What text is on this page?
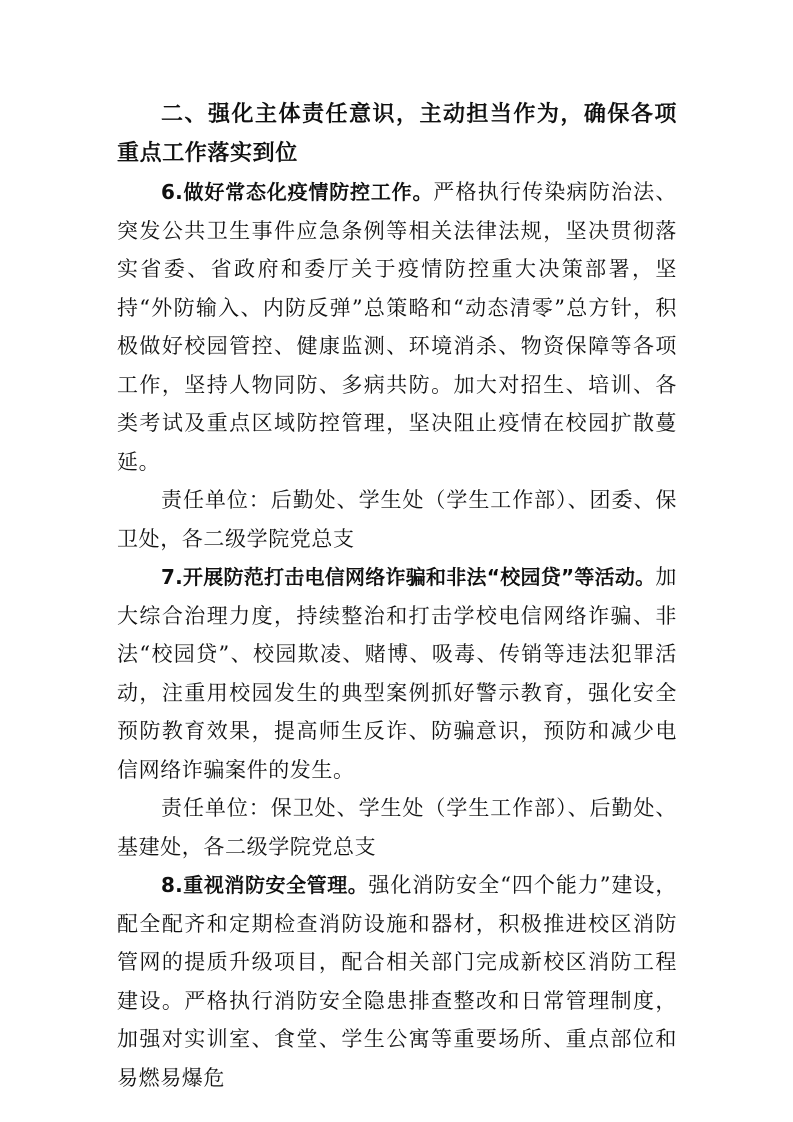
二、强化主体责任意识，主动担当作为，确保各项重点工作落实到位

6.做好常态化疫情防控工作。严格执行传染病防治法、突发公共卫生事件应急条例等相关法律法规，坚决贯彻落实省委、省政府和委厅关于疫情防控重大决策部署，坚持“外防输入、内防反弹”总策略和“动态清零”总方针，积极做好校园管控、健康监测、环境消杀、物资保障等各项工作，坚持人物同防、多病共防。加大对招生、培训、各类考试及重点区域防控管理，坚决阻止疫情在校园扩散蔓延。

责任单位：后勤处、学生处（学生工作部）、团委、保卫处，各二级学院党总支

7.开展防范打击电信网络诈骗和非法“校园贷”等活动。加大综合治理力度，持续整治和打击学校电信网络诈骗、非法“校园贷”、校园欺凌、赌博、吸毒、传销等违法犯罪活动，注重用校园发生的典型案例抓好警示教育，强化安全预防教育效果，提高师生反诈、防骗意识，预防和减少电信网络诈骗案件的发生。

责任单位：保卫处、学生处（学生工作部）、后勤处、基建处，各二级学院党总支

8.重视消防安全管理。强化消防安全“四个能力”建设，配全配齐和定期检查消防设施和器材，积极推进校区消防管网的提质升级项目，配合相关部门完成新校区消防工程建设。严格执行消防安全隐患排查整改和日常管理制度，加强对实训室、食堂、学生公寓等重要场所、重点部位和易燃易爆危
